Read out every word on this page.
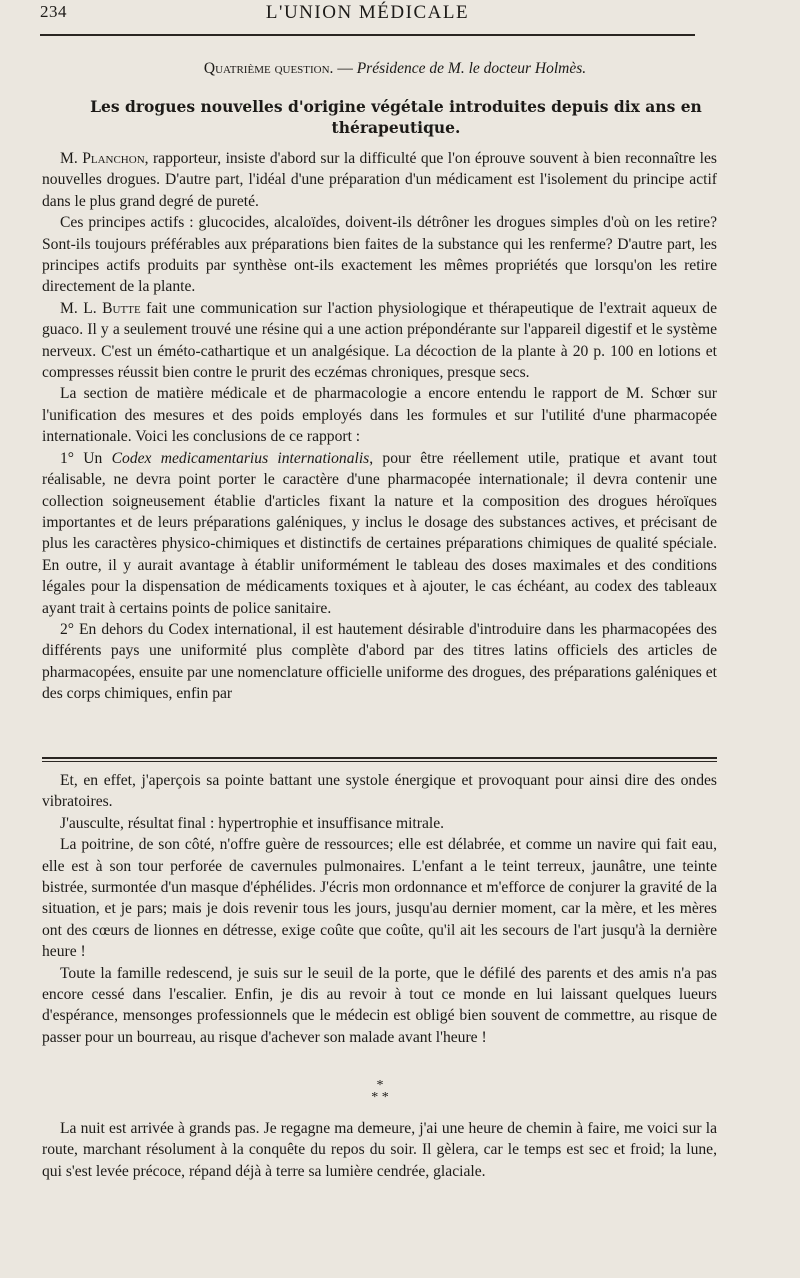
234	L'UNION MÉDICALE
Quatrième question. — Présidence de M. le docteur Holmès.
Les drogues nouvelles d'origine végétale introduites depuis dix ans en thérapeutique.

M. Planchon, rapporteur, insiste d'abord sur la difficulté que l'on éprouve souvent à bien reconnaître les nouvelles drogues. D'autre part, l'idéal d'une préparation d'un médicament est l'isolement du principe actif dans le plus grand degré de pureté.

Ces principes actifs : glucocides, alcaloïdes, doivent-ils détrôner les drogues simples d'où on les retire? Sont-ils toujours préférables aux préparations bien faites de la substance qui les renferme? D'autre part, les principes actifs produits par synthèse ont-ils exactement les mêmes propriétés que lorsqu'on les retire directement de la plante.

M. L. Butte fait une communication sur l'action physiologique et thérapeutique de l'extrait aqueux de guaco. Il y a seulement trouvé une résine qui a une action prépondérante sur l'appareil digestif et le système nerveux. C'est un éméto-cathartique et un analgésique. La décoction de la plante à 20 p. 100 en lotions et compresses réussit bien contre le prurit des eczémas chroniques, presque secs.

La section de matière médicale et de pharmacologie a encore entendu le rapport de M. Schœr sur l'unification des mesures et des poids employés dans les formules et sur l'utilité d'une pharmacopée internationale. Voici les conclusions de ce rapport :

1° Un Codex medicamentarius internationalis, pour être réellement utile, pratique et avant tout réalisable, ne devra point porter le caractère d'une pharmacopée internationale; il devra contenir une collection soigneusement établie d'articles fixant la nature et la composition des drogues héroïques importantes et de leurs préparations galéniques, y inclus le dosage des substances actives, et précisant de plus les caractères physico-chimiques et distinctifs de certaines préparations chimiques de qualité spéciale. En outre, il y aurait avantage à établir uniformément le tableau des doses maximales et des conditions légales pour la dispensation de médicaments toxiques et à ajouter, le cas échéant, au codex des tableaux ayant trait à certains points de police sanitaire.

2° En dehors du Codex international, il est hautement désirable d'introduire dans les pharmacopées des différents pays une uniformité plus complète d'abord par des titres latins officiels des articles de pharmacopées, ensuite par une nomenclature officielle uniforme des drogues, des préparations galéniques et des corps chimiques, enfin par

Et, en effet, j'aperçois sa pointe battant une systole énergique et provoquant pour ainsi dire des ondes vibratoires.

J'ausculte, résultat final : hypertrophie et insuffisance mitrale.

La poitrine, de son côté, n'offre guère de ressources; elle est délabrée, et comme un navire qui fait eau, elle est à son tour perforée de cavernules pulmonaires. L'enfant a le teint terreux, jaunâtre, une teinte bistrée, surmontée d'un masque d'éphélides. J'écris mon ordonnance et m'efforce de conjurer la gravité de la situation, et je pars; mais je dois revenir tous les jours, jusqu'au dernier moment, car la mère, et les mères ont des cœurs de lionnes en détresse, exige coûte que coûte, qu'il ait les secours de l'art jusqu'à la dernière heure !

Toute la famille redescend, je suis sur le seuil de la porte, que le défilé des parents et des amis n'a pas encore cessé dans l'escalier. Enfin, je dis au revoir à tout ce monde en lui laissant quelques lueurs d'espérance, mensonges professionnels que le médecin est obligé bien souvent de commettre, au risque de passer pour un bourreau, au risque d'achever son malade avant l'heure !

*
* *

La nuit est arrivée à grands pas. Je regagne ma demeure, j'ai une heure de chemin à faire, me voici sur la route, marchant résolument à la conquête du repos du soir. Il gèlera, car le temps est sec et froid; la lune, qui s'est levée précoce, répand déjà à terre sa lumière cendrée, glaciale.
